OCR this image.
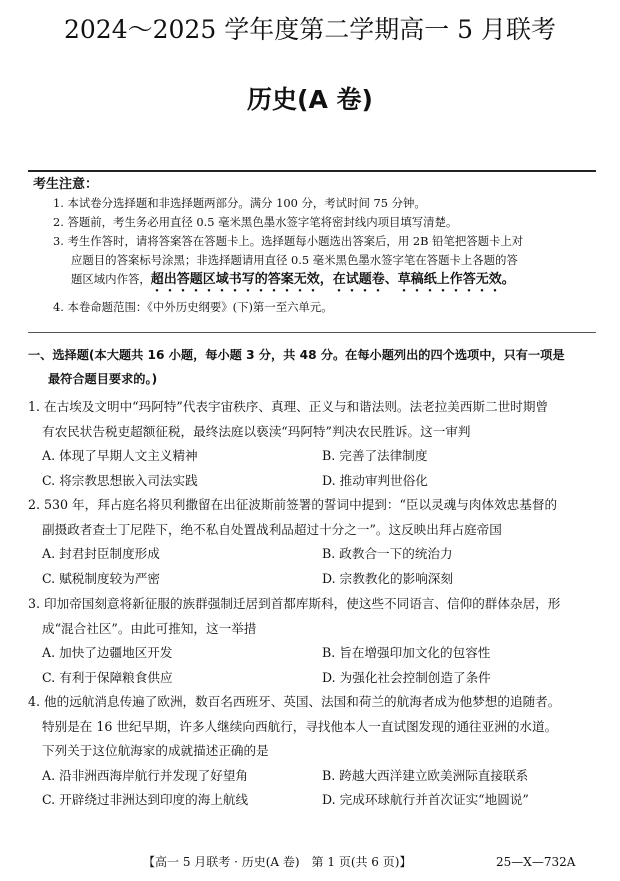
2024～2025 学年度第二学期高一 5 月联考
历史(A 卷)

考生注意：

1. 本试卷分选择题和非选择题两部分。满分 100 分，考试时间 75 分钟。

2. 答题前，考生务必用直径 0.5 毫米黑色墨水签字笔将密封线内项目填写清楚。

3. 考生作答时，请将答案答在答题卡上。选择题每小题选出答案后，用 2B 铅笔把答题卡上对

应题目的答案标号涂黑；非选择题请用直径 0.5 毫米黑色墨水签字笔在答题卡上各题的答

题区域内作答，超出答题区域书写的答案无效，在试题卷、草稿纸上作答无效。

4. 本卷命题范围：《中外历史纲要》(下)第一至六单元。

一、选择题(本大题共 16 小题，每小题 3 分，共 48 分。在每小题列出的四个选项中，只有一项是
最符合题目要求的。)

1. 在古埃及文明中“玛阿特”代表宇宙秩序、真理、正义与和谐法则。法老拉美西斯二世时期曾

有农民状告税吏超额征税，最终法庭以亵渎“玛阿特”判决农民胜诉。这一审判

A. 体现了早期人文主义精神	B. 完善了法律制度
C. 将宗教思想嵌入司法实践	D. 推动审判世俗化

2. 530 年，拜占庭名将贝利撒留在出征波斯前签署的誓词中提到：“臣以灵魂与肉体效忠基督的

副摄政者查士丁尼陛下，绝不私自处置战利品超过十分之一”。这反映出拜占庭帝国

A. 封君封臣制度形成	B. 政教合一下的统治力
C. 赋税制度较为严密	D. 宗教教化的影响深刻

3. 印加帝国刻意将新征服的族群强制迁居到首都库斯科，使这些不同语言、信仰的群体杂居，形

成“混合社区”。由此可推知，这一举措

A. 加快了边疆地区开发	B. 旨在增强印加文化的包容性
C. 有利于保障粮食供应	D. 为强化社会控制创造了条件

4. 他的远航消息传遍了欧洲，数百名西班牙、英国、法国和荷兰的航海者成为他梦想的追随者。

特别是在 16 世纪早期，许多人继续向西航行，寻找他本人一直试图发现的通往亚洲的水道。

下列关于这位航海家的成就描述正确的是

A. 沿非洲西海岸航行并发现了好望角	B. 跨越大西洋建立欧美洲际直接联系
C. 开辟绕过非洲达到印度的海上航线	D. 完成环球航行并首次证实“地圆说”
【高一 5 月联考 · 历史(A 卷)　第 1 页(共 6 页)】	25—X—732A
